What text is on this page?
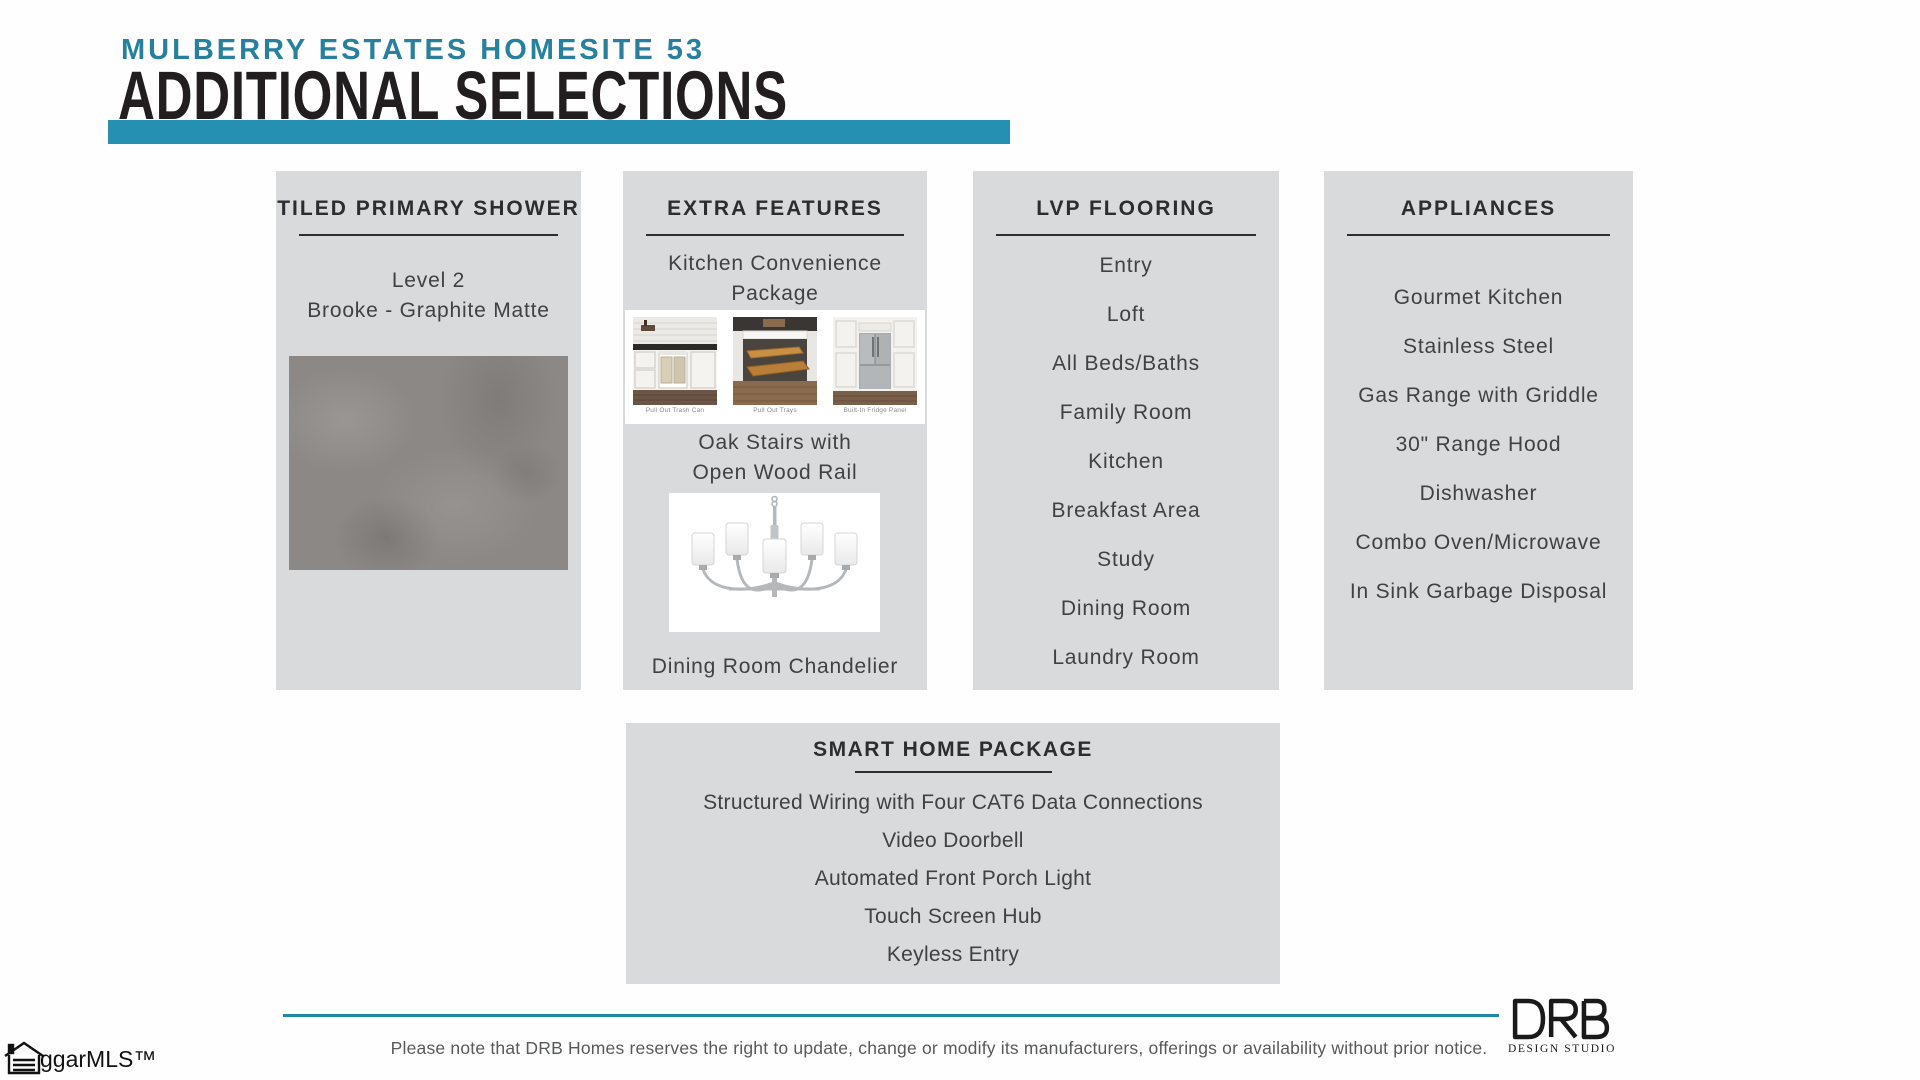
MULBERRY ESTATES HOMESITE 53
ADDITIONAL SELECTIONS
TILED PRIMARY SHOWER
Level 2
Brooke - Graphite Matte
EXTRA FEATURES
Kitchen Convenience
Package
Pull Out Trash Can	Pull Out Trays	Built-In Fridge Panel
Oak Stairs with
Open Wood Rail
Dining Room Chandelier
LVP FLOORING
Entry
Loft
All Beds/Baths
Family Room
Kitchen
Breakfast Area
Study
Dining Room
Laundry Room
APPLIANCES
Gourmet Kitchen
Stainless Steel
Gas Range with Griddle
30" Range Hood
Dishwasher
Combo Oven/Microwave
In Sink Garbage Disposal
SMART HOME PACKAGE
Structured Wiring with Four CAT6 Data Connections
Video Doorbell
Automated Front Porch Light
Touch Screen Hub
Keyless Entry
Please note that DRB Homes reserves the right to update, change or modify its manufacturers, offerings or availability without prior notice. DESIGN STUDIO
ggarMLS™
